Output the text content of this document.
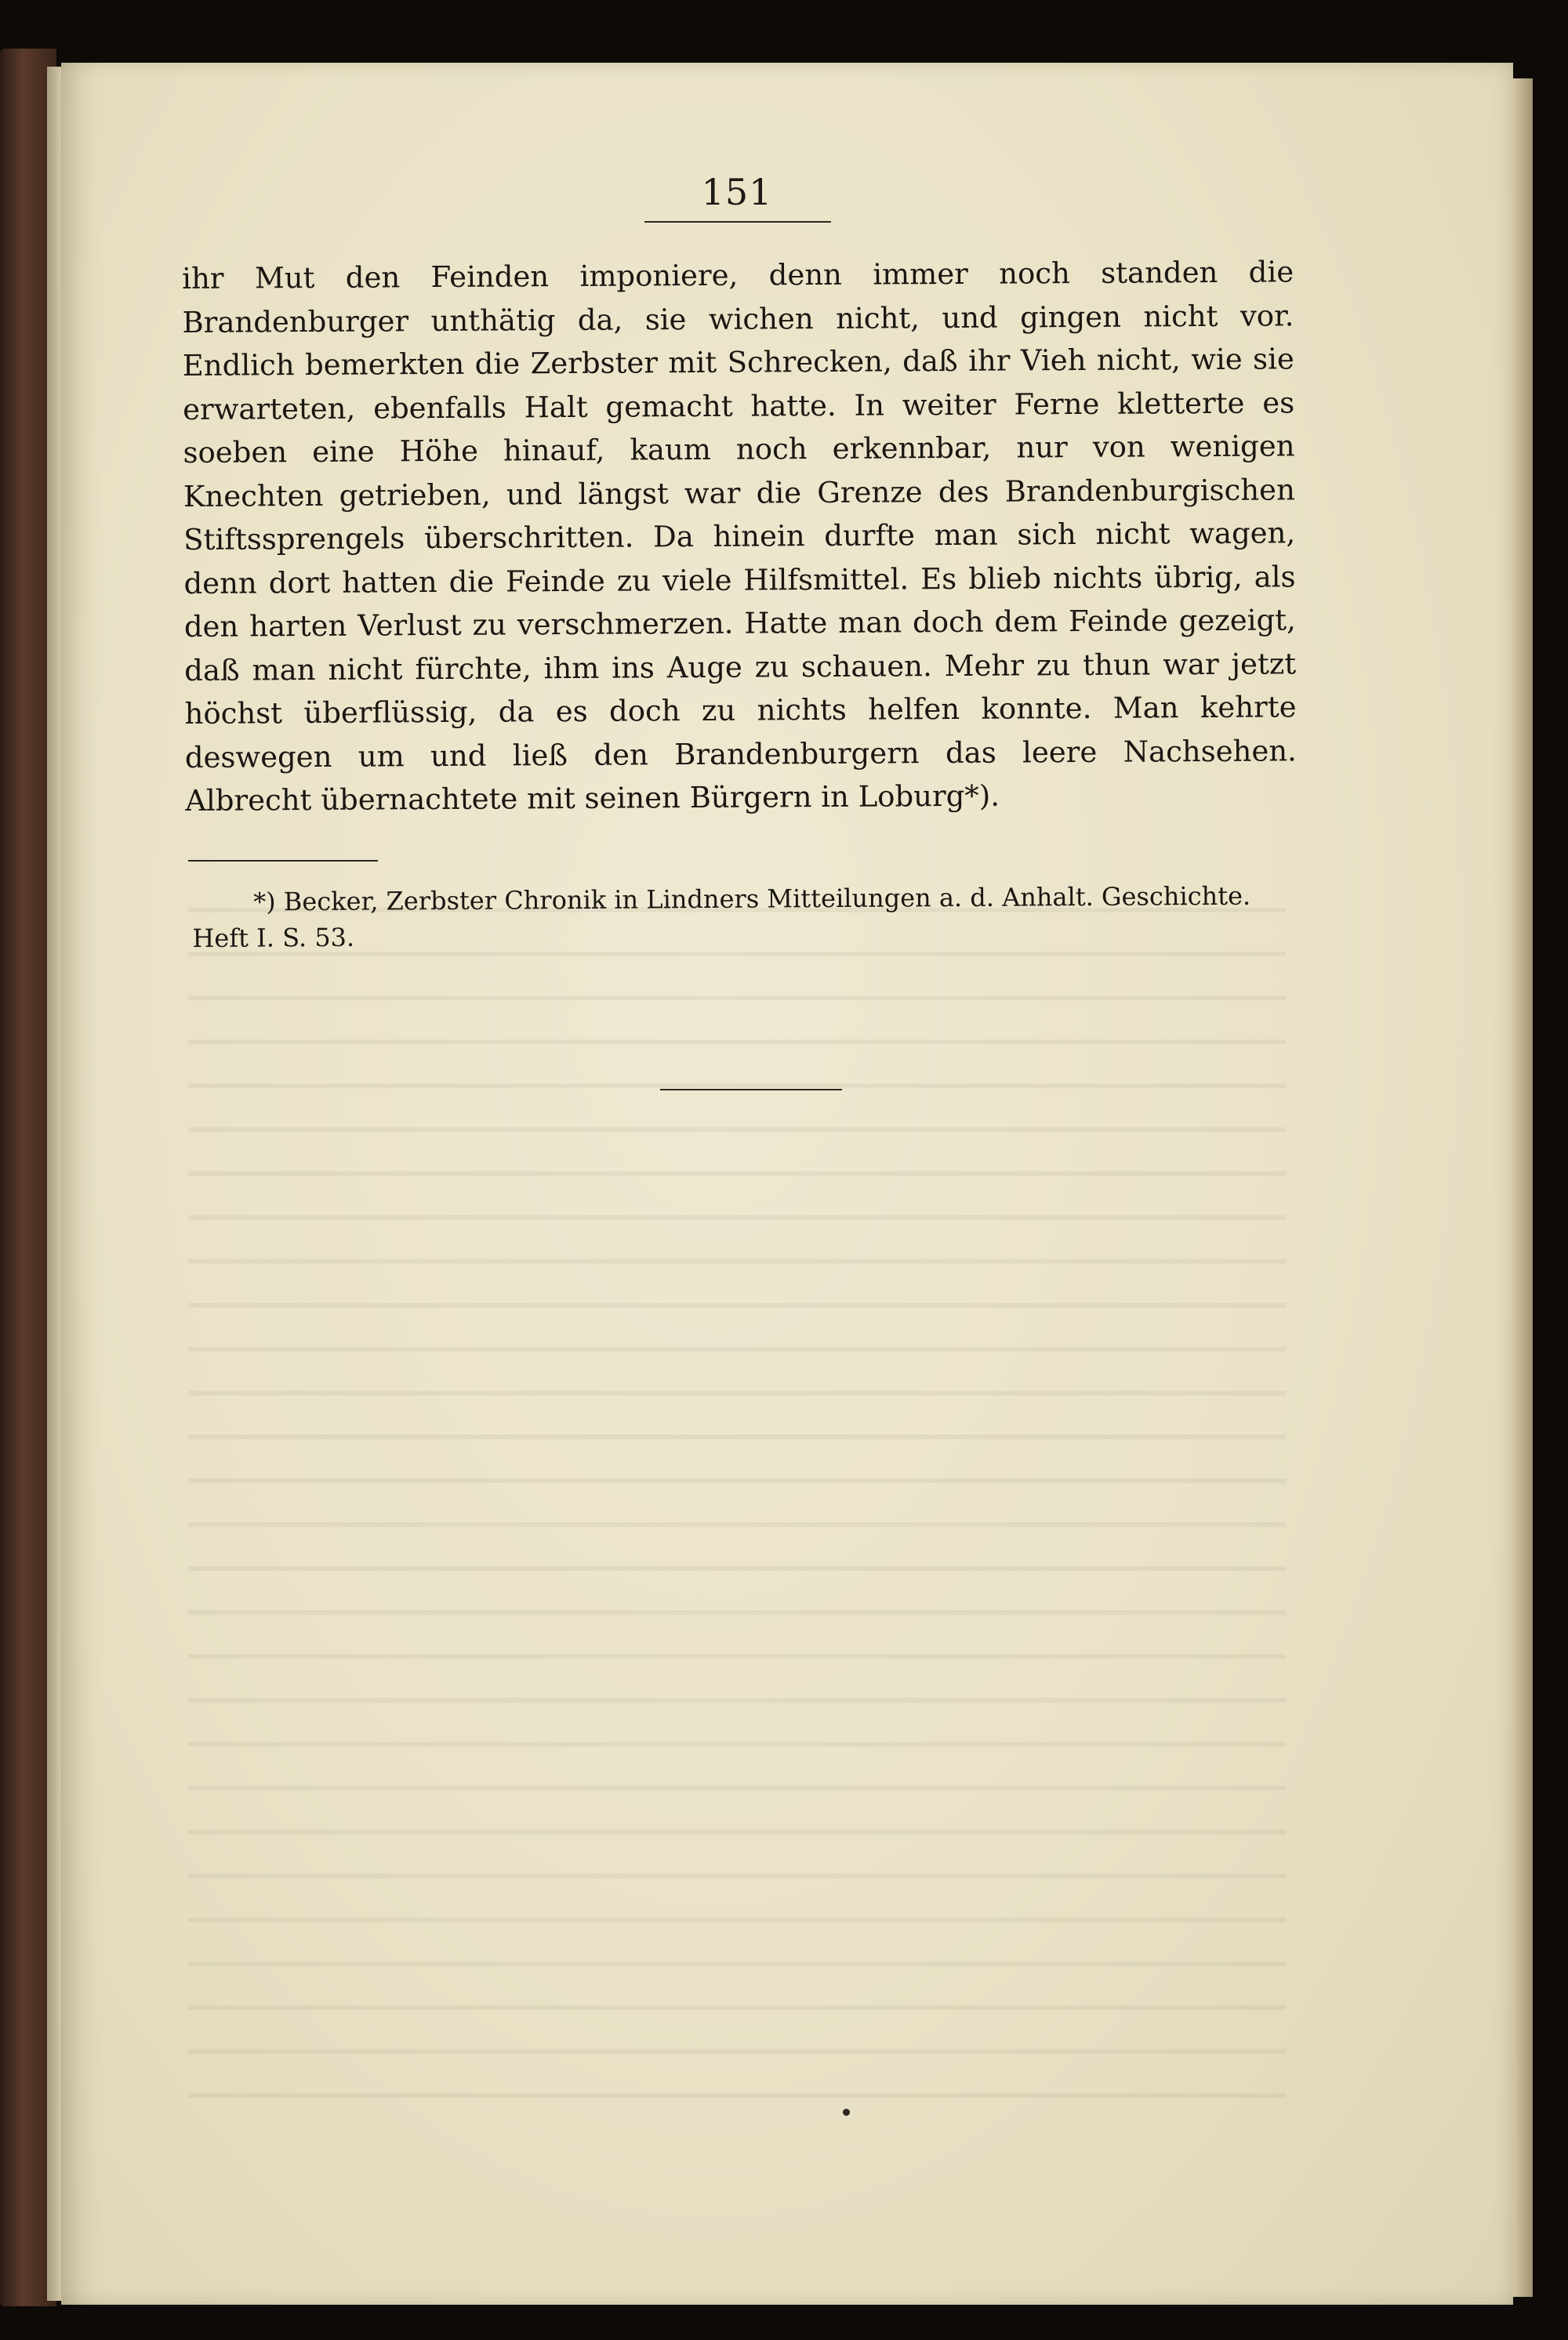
151

ihr Mut den Feinden imponiere, denn immer noch standen die Brandenburger unthätig da, sie wichen nicht, und gingen nicht vor. Endlich bemerkten die Zerbster mit Schrecken, daß ihr Vieh nicht, wie sie erwarteten, ebenfalls Halt gemacht hatte. In weiter Ferne kletterte es soeben eine Höhe hinauf, kaum noch erkennbar, nur von wenigen Knechten getrieben, und längst war die Grenze des Brandenburgischen Stiftssprengels überschritten. Da hinein durfte man sich nicht wagen, denn dort hatten die Feinde zu viele Hilfsmittel. Es blieb nichts übrig, als den harten Verlust zu verschmerzen. Hatte man doch dem Feinde gezeigt, daß man nicht fürchte, ihm ins Auge zu schauen. Mehr zu thun war jetzt höchst überflüssig, da es doch zu nichts helfen konnte. Man kehrte deswegen um und ließ den Brandenburgern das leere Nachsehen. Albrecht übernachtete mit seinen Bürgern in Loburg*).

*) Becker, Zerbster Chronik in Lindners Mitteilungen a. d. Anhalt. Geschichte. Heft I. S. 53.
